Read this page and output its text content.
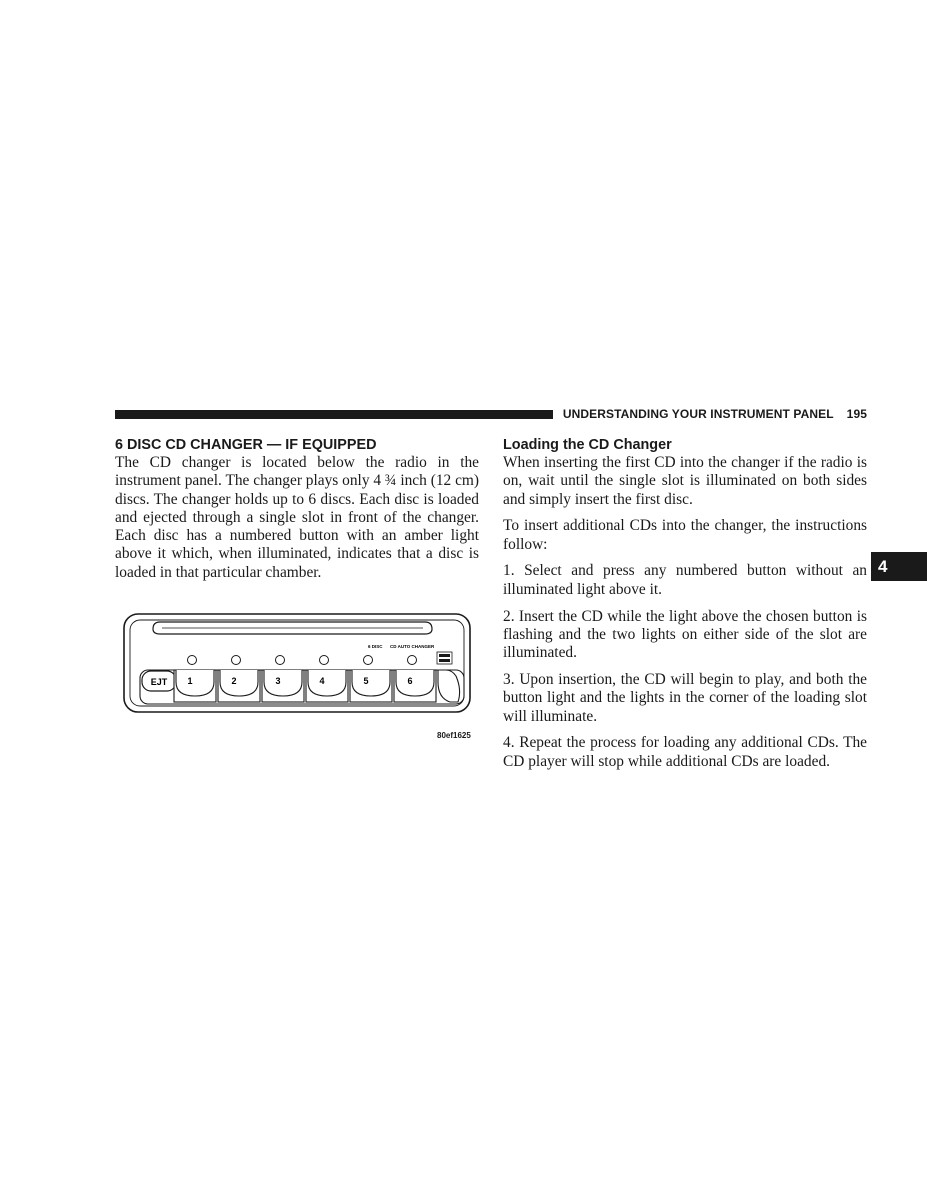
UNDERSTANDING YOUR INSTRUMENT PANEL 195
6 DISC CD CHANGER — IF EQUIPPED

The CD changer is located below the radio in the instrument panel. The changer plays only 4 ¾ inch (12 cm) discs. The changer holds up to 6 discs. Each disc is loaded and ejected through a single slot in front of the changer. Each disc has a numbered button with an amber light above it which, when illuminated, indicates that a disc is loaded in that particular chamber.

6 DISC CD AUTO CHANGER
EJT 1	2	3	4	5	6
80ef1625
Loading the CD Changer

When inserting the first CD into the changer if the radio is on, wait until the single slot is illuminated on both sides and simply insert the first disc.

To insert additional CDs into the changer, the instructions follow:

1. Select and press any numbered button without an illuminated light above it.

2. Insert the CD while the light above the chosen button is flashing and the two lights on either side of the slot are illuminated.

3. Upon insertion, the CD will begin to play, and both the button light and the lights in the corner of the loading slot will illuminate.

4. Repeat the process for loading any additional CDs. The CD player will stop while additional CDs are loaded.

4
